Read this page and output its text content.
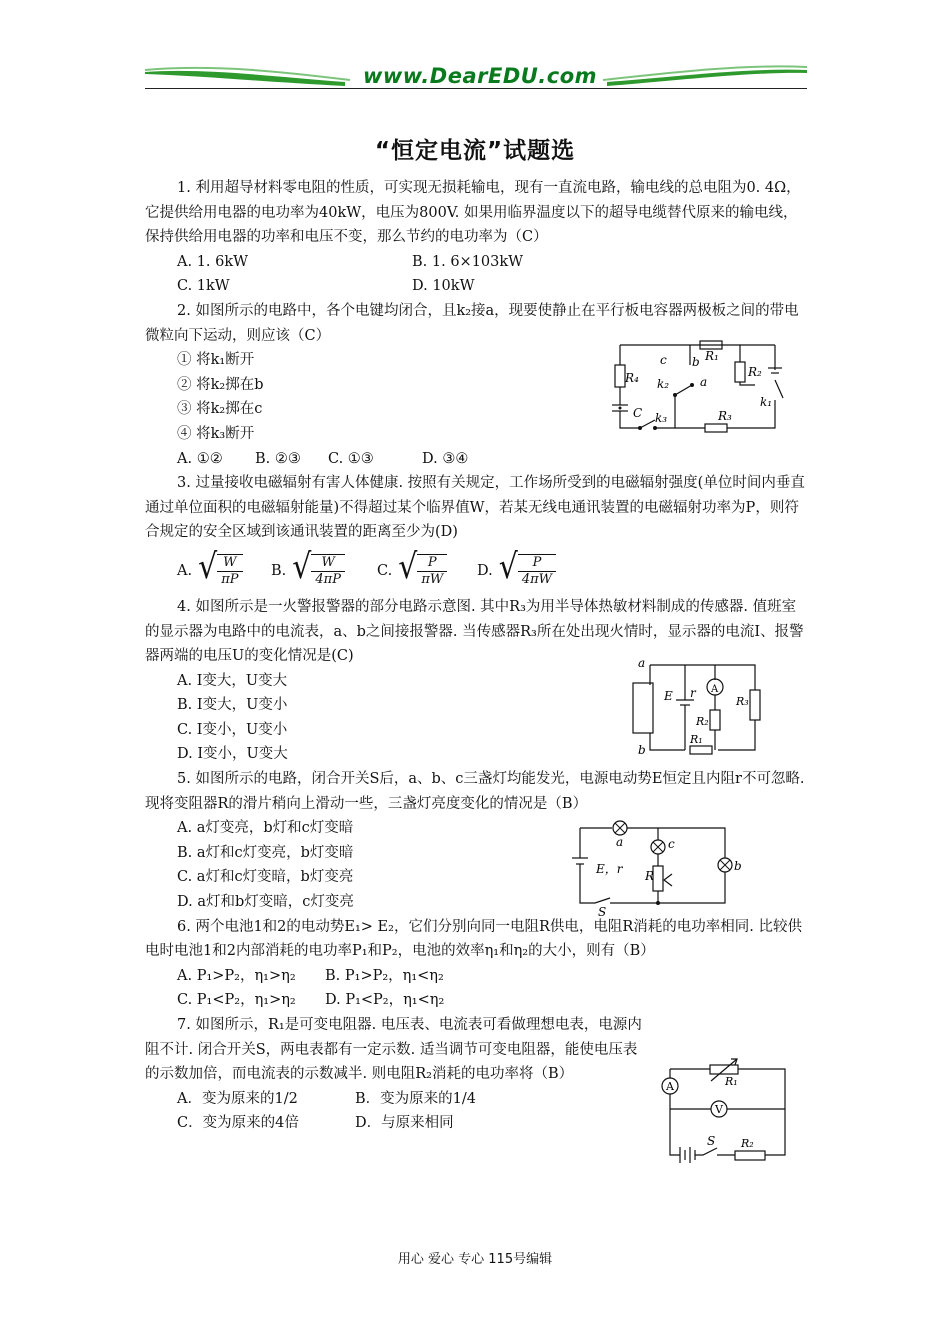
www.DearEDU.com
“恒定电流”试题选

1. 利用超导材料零电阻的性质，可实现无损耗输电，现有一直流电路，输电线的总电阻为0. 4Ω，它提供给用电器的电功率为40kW，电压为800V. 如果用临界温度以下的超导电缆替代原来的输电线，保持供给用电器的功率和电压不变，那么节约的电功率为（C）

A. 1. 6kW	B. 1. 6×103kW
C. 1kW	D. 10kW

2. 如图所示的电路中，各个电键均闭合，且k₂接a，现要使静止在平行板电容器两极板之间的带电微粒向下运动，则应该（C）

① 将k₁断开

② 将k₂掷在b

③ 将k₂掷在c

④ 将k₃断开

A. ①② B. ②③ C. ①③	D. ③④

3. 过量接收电磁辐射有害人体健康. 按照有关规定，工作场所受到的电磁辐射强度(单位时间内垂直通过单位面积的电磁辐射能量)不得超过某个临界值W，若某无线电通讯装置的电磁辐射功率为P，则符合规定的安全区域到该通讯装置的距离至少为(D)

A. √ $\frac{W}{\pi P} B$. √ $\frac{W}{4\pi P} C$. √ $\frac{P}{\pi W} D$. √ $\frac{P}{4\pi W}$

4. 如图所示是一火警报警器的部分电路示意图. 其中R₃为用半导体热敏材料制成的传感器. 值班室的显示器为电路中的电流表，a、b之间接报警器. 当传感器R₃所在处出现火情时，显示器的电流I、报警器两端的电压U的变化情况是(C)

A. I变大，U变大

B. I变大，U变小

C. I变小，U变小

D. I变小，U变大

5. 如图所示的电路，闭合开关S后，a、b、c三盏灯均能发光，电源电动势E恒定且内阻r不可忽略. 现将变阻器R的滑片稍向上滑动一些，三盏灯亮度变化的情况是（B）

A. a灯变亮，b灯和c灯变暗

B. a灯和c灯变亮，b灯变暗

C. a灯和c灯变暗，b灯变亮

D. a灯和b灯变暗，c灯变亮

6. 两个电池1和2的电动势E₁> E₂，它们分别向同一电阻R供电，电阻R消耗的电功率相同. 比较供电时电池1和2内部消耗的电功率P₁和P₂，电池的效率η₁和η₂的大小，则有（B）

A. P₁>P₂，η₁>η₂ B. P₁>P₂，η₁<η₂
C. P₁<P₂，η₁>η₂ D. P₁<P₂，η₁<η₂

7. 如图所示，R₁是可变电阻器. 电压表、电流表可看做理想电表，电源内阻不计. 闭合开关S，两电表都有一定示数. 适当调节可变电阻器，能使电压表的示数加倍，而电流表的示数减半. 则电阻R₂消耗的电功率将（B）

A．变为原来的1/2	B．变为原来的1/4
C．变为原来的4倍	D．与原来相同
c b R₁
R₂
R₄ k₂	a
k₁
C k₃	R₃
a
b
E r A
R₂
R₁
R₃
a	c
b
E，r R
S
A	R₁
V
S R₂
用心 爱心 专心 115号编辑
